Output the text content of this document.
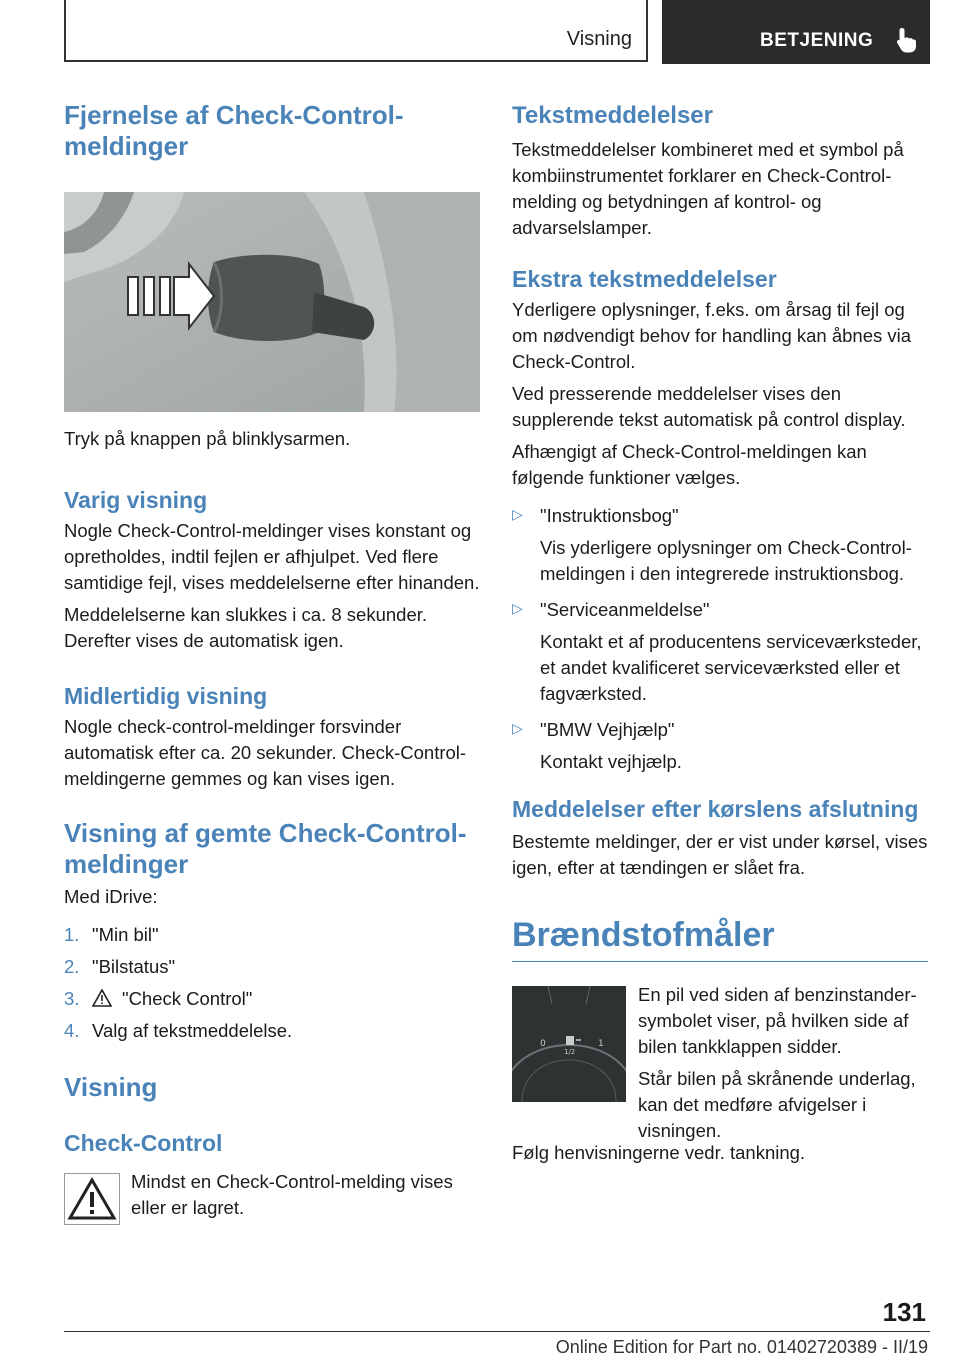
Visning	BETJENING
Fjernelse af Check-Control-meldinger

Tryk på knappen på blinklysarmen.

Varig visning

Nogle Check-Control-meldinger vises konstant og opretholdes, indtil fejlen er afhjulpet. Ved flere samtidige fejl, vises meddelelserne efter hinanden.

Meddelelserne kan slukkes i ca. 8 sekunder. Derefter vises de automatisk igen.

Midlertidig visning

Nogle check-control-meldinger forsvinder automatisk efter ca. 20 sekunder. Check-Control-meldingerne gemmes og kan vises igen.

Visning af gemte Check-Control-meldinger

Med iDrive:

1. "Min bil"
2. "Bilstatus"
3. "Check Control"
4. Valg af tekstmeddelelse.
Visning
Check-Control

Mindst en Check-Control-melding vises eller er lagret.

Tekstmeddelelser

Tekstmeddelelser kombineret med et symbol på kombiinstrumentet forklarer en Check-Control-melding og betydningen af kontrol- og advarselslamper.

Ekstra tekstmeddelelser

Yderligere oplysninger, f.eks. om årsag til fejl og om nødvendigt behov for handling kan åbnes via Check-Control.

Ved presserende meddelelser vises den supplerende tekst automatisk på control display.

Afhængigt af Check-Control-meldingen kan følgende funktioner vælges.

▷ "Instruktionsbog"

Vis yderligere oplysninger om Check-Control-meldingen i den integrerede instruktionsbog.

▷ "Serviceanmeldelse"

Kontakt et af producentens serviceværksteder, et andet kvalificeret serviceværksted eller et fagværksted.

▷ "BMW Vejhjælp"

Kontakt vejhjælp.

Meddelelser efter kørslens afslutning

Bestemte meldinger, der er vist under kørsel, vises igen, efter at tændingen er slået fra.

Brændstofmåler
0
1/2
1

En pil ved siden af benzinstander-symbolet viser, på hvilken side af bilen tankklappen sidder.

Står bilen på skrånende underlag, kan det medføre afvigelser i visningen.

Følg henvisningerne vedr. tankning.

131
Online Edition for Part no. 01402720389 - II/19
